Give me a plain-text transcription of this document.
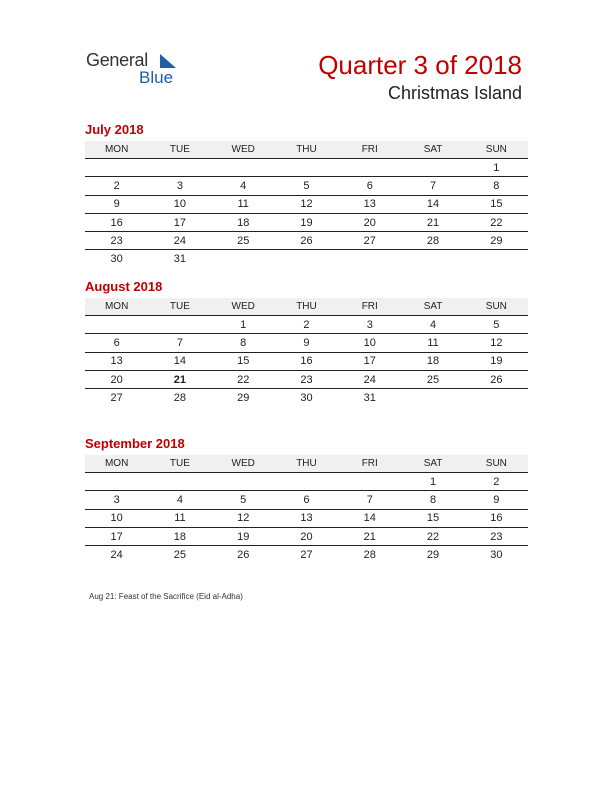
General
Blue	Quarter 3 of 2018
Christmas Island
July 2018
MON	TUE	WED	THU	FRI	SAT	SUN
						1
2	3	4	5	6	7	8
9	10	11	12	13	14	15
16	17	18	19	20	21	22
23	24	25	26	27	28	29
30	31					
August 2018
MON	TUE	WED	THU	FRI	SAT	SUN
		1	2	3	4	5
6	7	8	9	10	11	12
13	14	15	16	17	18	19
20	21	22	23	24	25	26
27	28	29	30	31		
September 2018
MON	TUE	WED	THU	FRI	SAT	SUN
					1	2
3	4	5	6	7	8	9
10	11	12	13	14	15	16
17	18	19	20	21	22	23
24	25	26	27	28	29	30
Aug 21: Feast of the Sacrifice (Eid al-Adha)
